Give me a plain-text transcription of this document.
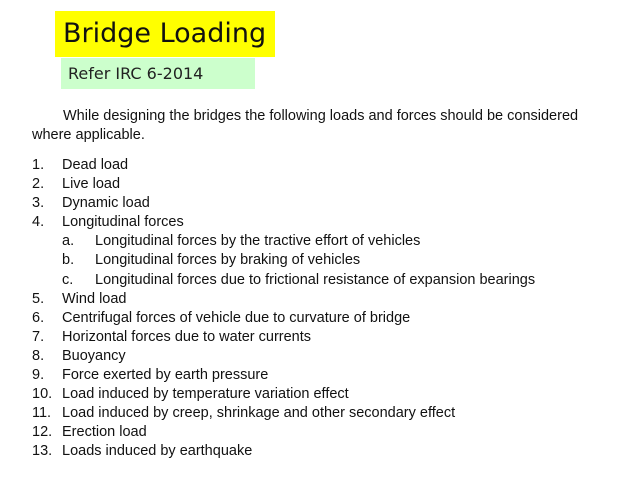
Bridge Loading
Refer IRC 6-2014
While designing the bridges the following loads and forces should be considered where applicable.
1. Dead load
2. Live load
3. Dynamic load
4. Longitudinal forces
a. Longitudinal forces by the tractive effort of vehicles
b. Longitudinal forces by braking of vehicles
c. Longitudinal forces due to frictional resistance of expansion bearings
5. Wind load
6. Centrifugal forces of vehicle due to curvature of bridge
7. Horizontal forces due to water currents
8. Buoyancy
9. Force exerted by earth pressure
10. Load induced by temperature variation effect
11. Load induced by creep, shrinkage and other secondary effect
12. Erection load
13. Loads induced by earthquake
